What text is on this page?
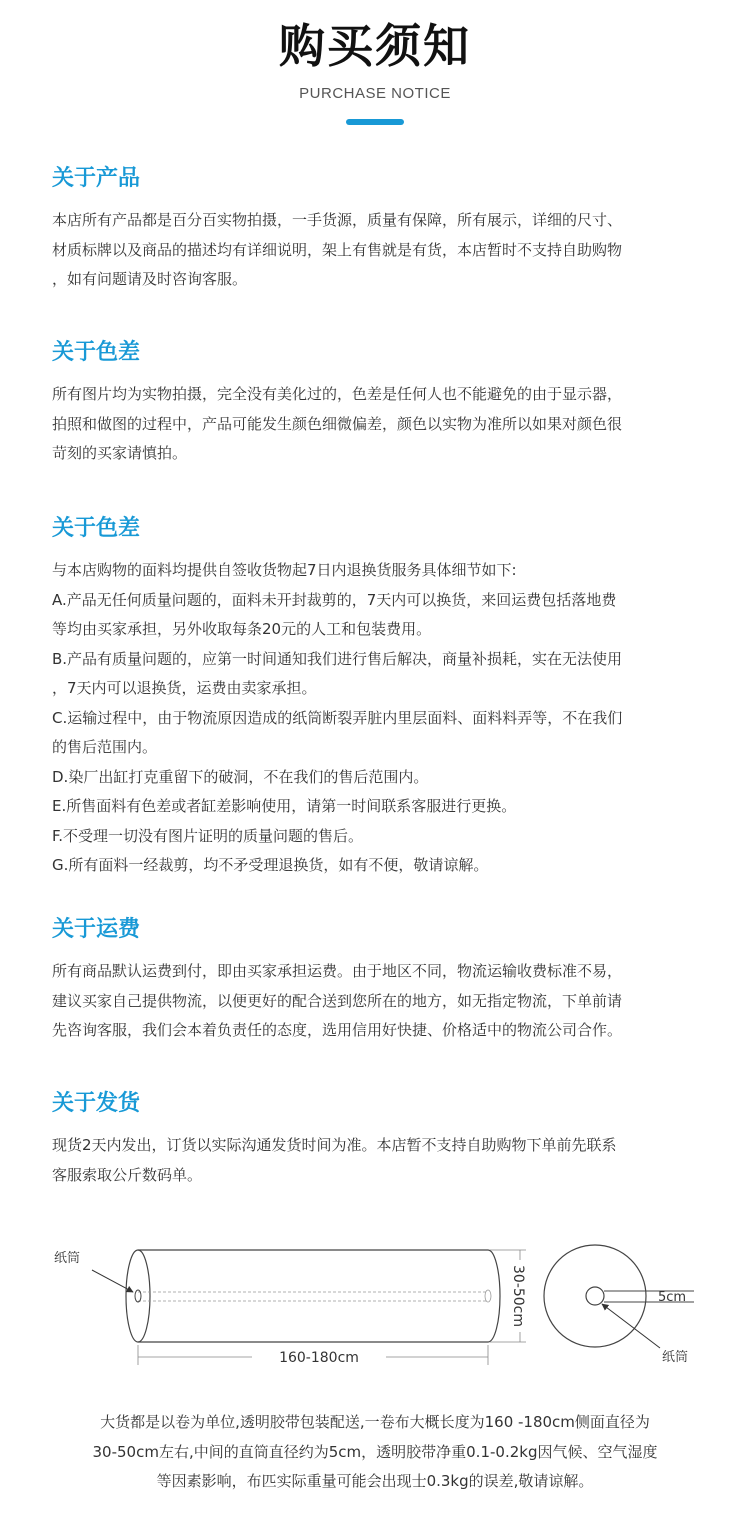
购买须知
PURCHASE NOTICE
关于产品
本店所有产品都是百分百实物拍摄，一手货源，质量有保障，所有展示，详细的尺寸、
材质标牌以及商品的描述均有详细说明，架上有售就是有货，本店暂时不支持自助购物
，如有问题请及时咨询客服。
关于色差
所有图片均为实物拍摄，完全没有美化过的，色差是任何人也不能避免的由于显示器，
拍照和做图的过程中，产品可能发生颜色细微偏差，颜色以实物为准所以如果对颜色很
苛刻的买家请慎拍。
关于色差
与本店购物的面料均提供自签收货物起7日内退换货服务具体细节如下:
A.产品无任何质量问题的，面料未开封裁剪的，7天内可以换货，来回运费包括落地费
等均由买家承担，另外收取每条20元的人工和包装费用。
B.产品有质量问题的，应第一时间通知我们进行售后解决，商量补损耗，实在无法使用
，7天内可以退换货，运费由卖家承担。
C.运输过程中，由于物流原因造成的纸筒断裂弄脏内里层面料、面料料弄等，不在我们
的售后范围内。
D.染厂出缸打克重留下的破洞，不在我们的售后范围内。
E.所售面料有色差或者缸差影响使用，请第一时间联系客服进行更换。
F.不受理一切没有图片证明的质量问题的售后。
G.所有面料一经裁剪，均不矛受理退换货，如有不便，敬请谅解。
关于运费
所有商品默认运费到付，即由买家承担运费。由于地区不同，物流运输收费标准不易，
建议买家自己提供物流，以便更好的配合送到您所在的地方，如无指定物流，下单前请
先咨询客服，我们会本着负责任的态度，选用信用好快捷、价格适中的物流公司合作。
关于发货
现货2天内发出，订货以实际沟通发货时间为准。本店暂不支持自助购物下单前先联系
客服索取公斤数码单。
纸筒
160-180cm
30-50cm	5cm
纸筒
大货都是以卷为单位,透明胶带包装配送,一卷布大概长度为160 -180cm侧面直径为
30-50cm左右,中间的直筒直径约为5cm，透明胶带净重0.1-0.2kg因气候、空气湿度
等因素影响，布匹实际重量可能会出现士0.3kg的误差,敬请谅解。
